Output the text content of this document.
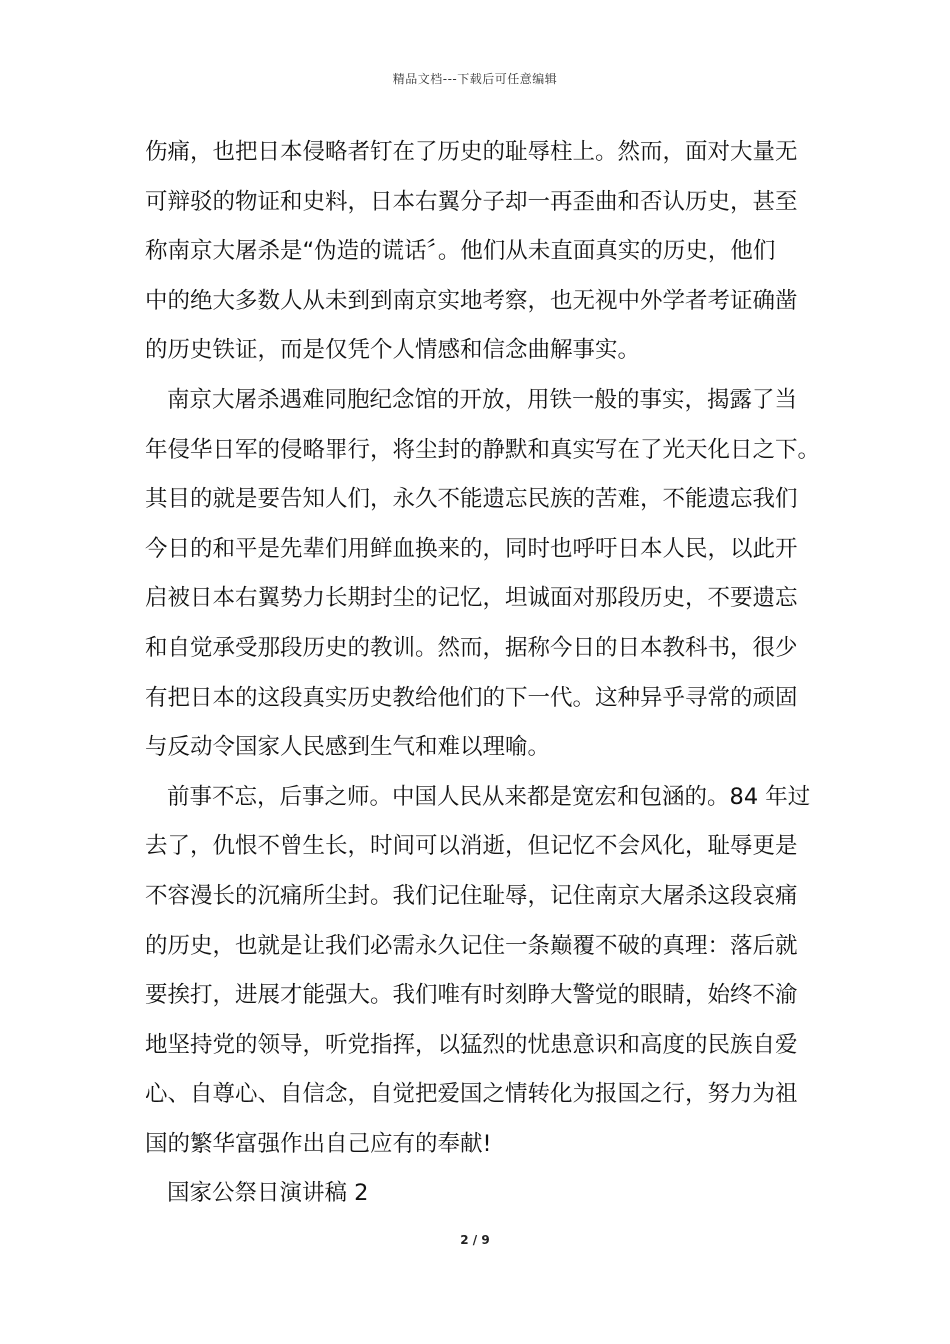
精品文档---下载后可任意编辑
伤痛，也把日本侵略者钉在了历史的耻辱柱上。然而，面对大量无
可辩驳的物证和史料，日本右翼分子却一再歪曲和否认历史，甚至
称南京大屠杀是“伪造的谎话〞。他们从未直面真实的历史，他们
中的绝大多数人从未到到南京实地考察，也无视中外学者考证确凿
的历史铁证，而是仅凭个人情感和信念曲解事实。
南京大屠杀遇难同胞纪念馆的开放，用铁一般的事实，揭露了当
年侵华日军的侵略罪行，将尘封的静默和真实写在了光天化日之下。
其目的就是要告知人们，永久不能遗忘民族的苦难，不能遗忘我们
今日的和平是先辈们用鲜血换来的，同时也呼吁日本人民，以此开
启被日本右翼势力长期封尘的记忆，坦诚面对那段历史，不要遗忘
和自觉承受那段历史的教训。然而，据称今日的日本教科书，很少
有把日本的这段真实历史教给他们的下一代。这种异乎寻常的顽固
与反动令国家人民感到生气和难以理喻。
前事不忘，后事之师。中国人民从来都是宽宏和包涵的。84 年过
去了，仇恨不曾生长，时间可以消逝，但记忆不会风化，耻辱更是
不容漫长的沉痛所尘封。我们记住耻辱，记住南京大屠杀这段哀痛
的历史，也就是让我们必需永久记住一条巅覆不破的真理：落后就
要挨打，进展才能强大。我们唯有时刻睁大警觉的眼睛，始终不渝
地坚持党的领导，听党指挥，以猛烈的忧患意识和高度的民族自爱
心、自尊心、自信念，自觉把爱国之情转化为报国之行，努力为祖
国的繁华富强作出自己应有的奉献!
国家公祭日演讲稿 2
2 / 9
